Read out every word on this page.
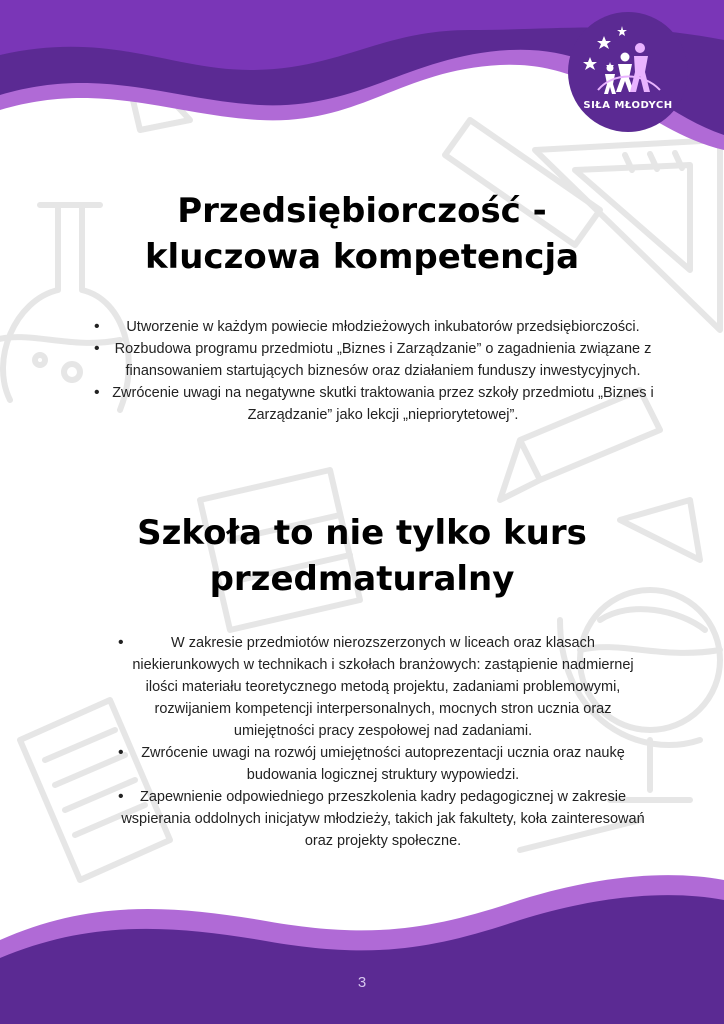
SIŁA MŁODYCH
Przedsiębiorczość -
kluczowa kompetencja
• Utworzenie w każdym powiecie młodzieżowych inkubatorów przedsiębiorczości.
• Rozbudowa programu przedmiotu „Biznes i Zarządzanie” o zagadnienia związane z finansowaniem startujących biznesów oraz działaniem funduszy inwestycyjnych.
• Zwrócenie uwagi na negatywne skutki traktowania przez szkoły przedmiotu „Biznes i Zarządzanie” jako lekcji „niepriorytetowej”.
Szkoła to nie tylko kurs
przedmaturalny
•	W zakresie przedmiotów nierozszerzonych w liceach oraz klasach niekierunkowych w technikach i szkołach branżowych: zastąpienie nadmiernej ilości materiału teoretycznego metodą projektu, zadaniami problemowymi, rozwijaniem kompetencji interpersonalnych, mocnych stron ucznia oraz umiejętności pracy zespołowej nad zadaniami.
• Zwrócenie uwagi na rozwój umiejętności autoprezentacji ucznia oraz naukę budowania logicznej struktury wypowiedzi.
• Zapewnienie odpowiedniego przeszkolenia kadry pedagogicznej w zakresie wspierania oddolnych inicjatyw młodzieży, takich jak fakultety, koła zainteresowań oraz projekty społeczne.
3
